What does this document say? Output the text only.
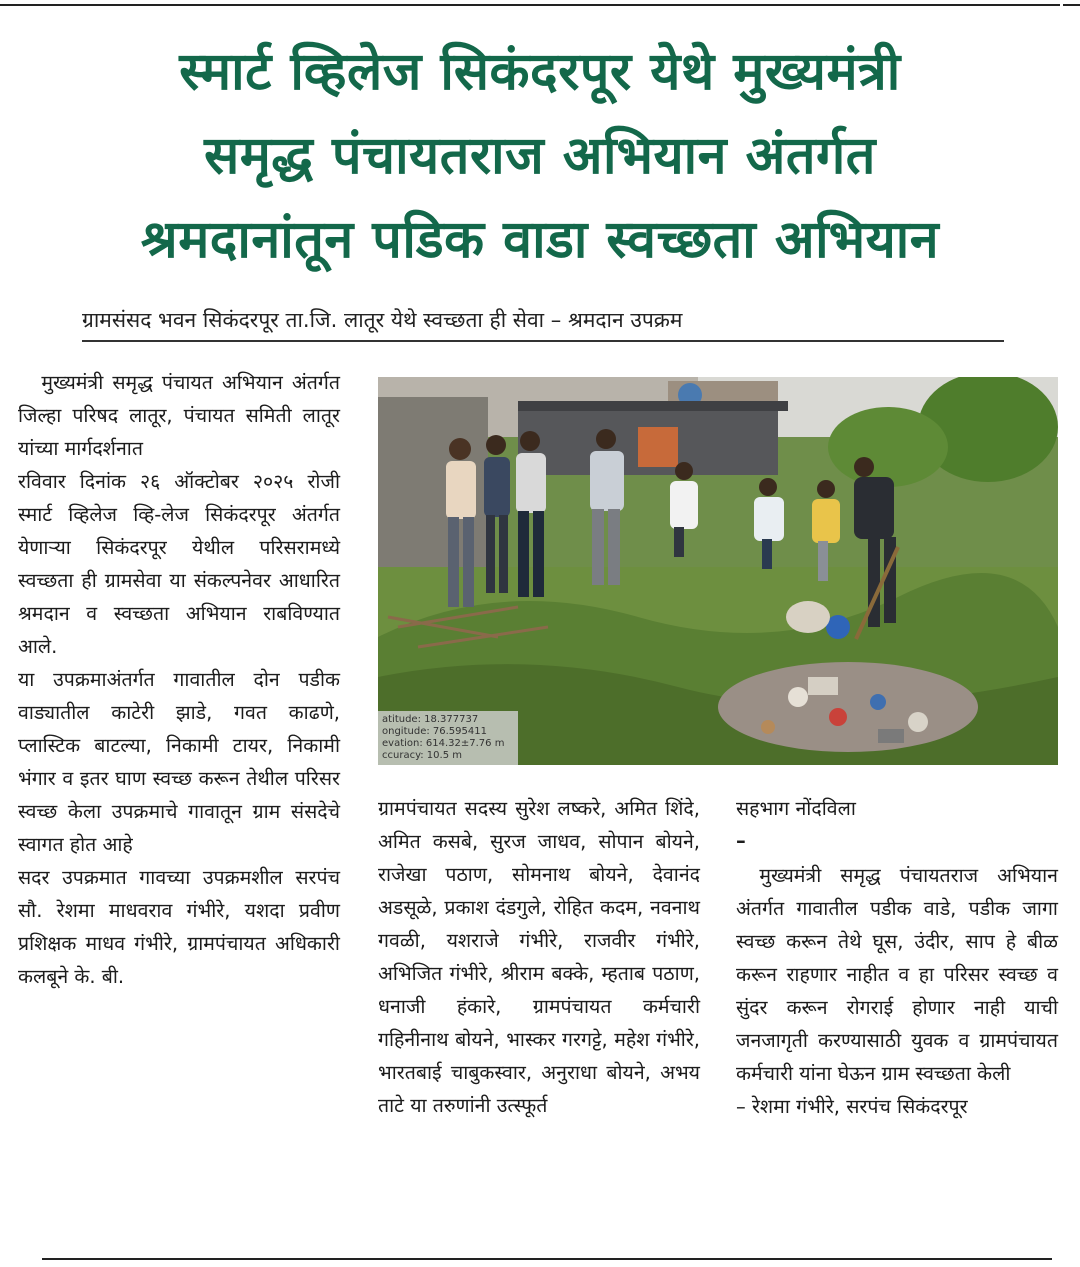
स्मार्ट व्हिलेज सिकंदरपूर येथे मुख्यमंत्री
समृद्ध पंचायतराज अभियान अंतर्गत
श्रमदानांतून पडिक वाडा स्वच्छता अभियान
ग्रामसंसद भवन सिकंदरपूर ता.जि. लातूर येथे स्वच्छता ही सेवा – श्रमदान उपक्रम
atitude: 18.377737
ongitude: 76.595411
evation: 614.32±7.76 m
ccuracy: 10.5 m

मुख्यमंत्री समृद्ध पंचायत अभियान अंतर्गत जिल्हा परिषद लातूर, पंचायत समिती लातूर यांच्या मार्गदर्शनात

रविवार दिनांक २६ ऑक्टोबर २०२५ रोजी स्मार्ट व्हिलेज व्हि-लेज सिकंदरपूर अंतर्गत येणाऱ्या सिकंदरपूर येथील परिसरामध्ये स्वच्छता ही ग्रामसेवा या संकल्पनेवर आधारित श्रमदान व स्वच्छता अभियान राबविण्यात आले.

या उपक्रमाअंतर्गत गावातील दोन पडीक वाड्यातील काटेरी झाडे, गवत काढणे, प्लास्टिक बाटल्या, निकामी टायर, निकामी भंगार व इतर घाण स्वच्छ करून तेथील परिसर स्वच्छ केला उपक्रमाचे गावातून ग्राम संसदेचे स्वागत होत आहे

सदर उपक्रमात गावच्या उपक्रमशील सरपंच सौ. रेशमा माधवराव गंभीरे, यशदा प्रवीण प्रशिक्षक माधव गंभीरे, ग्रामपंचायत अधिकारी कलबूने के. बी.

ग्रामपंचायत सदस्य सुरेश लष्करे, अमित शिंदे, अमित कसबे, सुरज जाधव, सोपान बोयने, राजेखा पठाण, सोमनाथ बोयने, देवानंद अडसूळे, प्रकाश दंडगुले, रोहित कदम, नवनाथ गवळी, यशराजे गंभीरे, राजवीर गंभीरे, अभिजित गंभीरे, श्रीराम बक्के, म्हताब पठाण, धनाजी हंकारे, ग्रामपंचायत कर्मचारी गहिनीनाथ बोयने, भास्कर गरगट्टे, महेश गंभीरे, भारतबाई चाबुकस्वार, अनुराधा बोयने, अभय ताटे या तरुणांनी उत्स्फूर्त

सहभाग नोंदविला

–

मुख्यमंत्री समृद्ध पंचायतराज अभियान अंतर्गत गावातील पडीक वाडे, पडीक जागा स्वच्छ करून तेथे घूस, उंदीर, साप हे बीळ करून राहणार नाहीत व हा परिसर स्वच्छ व सुंदर करून रोगराई होणार नाही याची जनजागृती करण्यासाठी युवक व ग्रामपंचायत कर्मचारी यांना घेऊन ग्राम स्वच्छता केली

– रेशमा गंभीरे, सरपंच सिकंदरपूर
